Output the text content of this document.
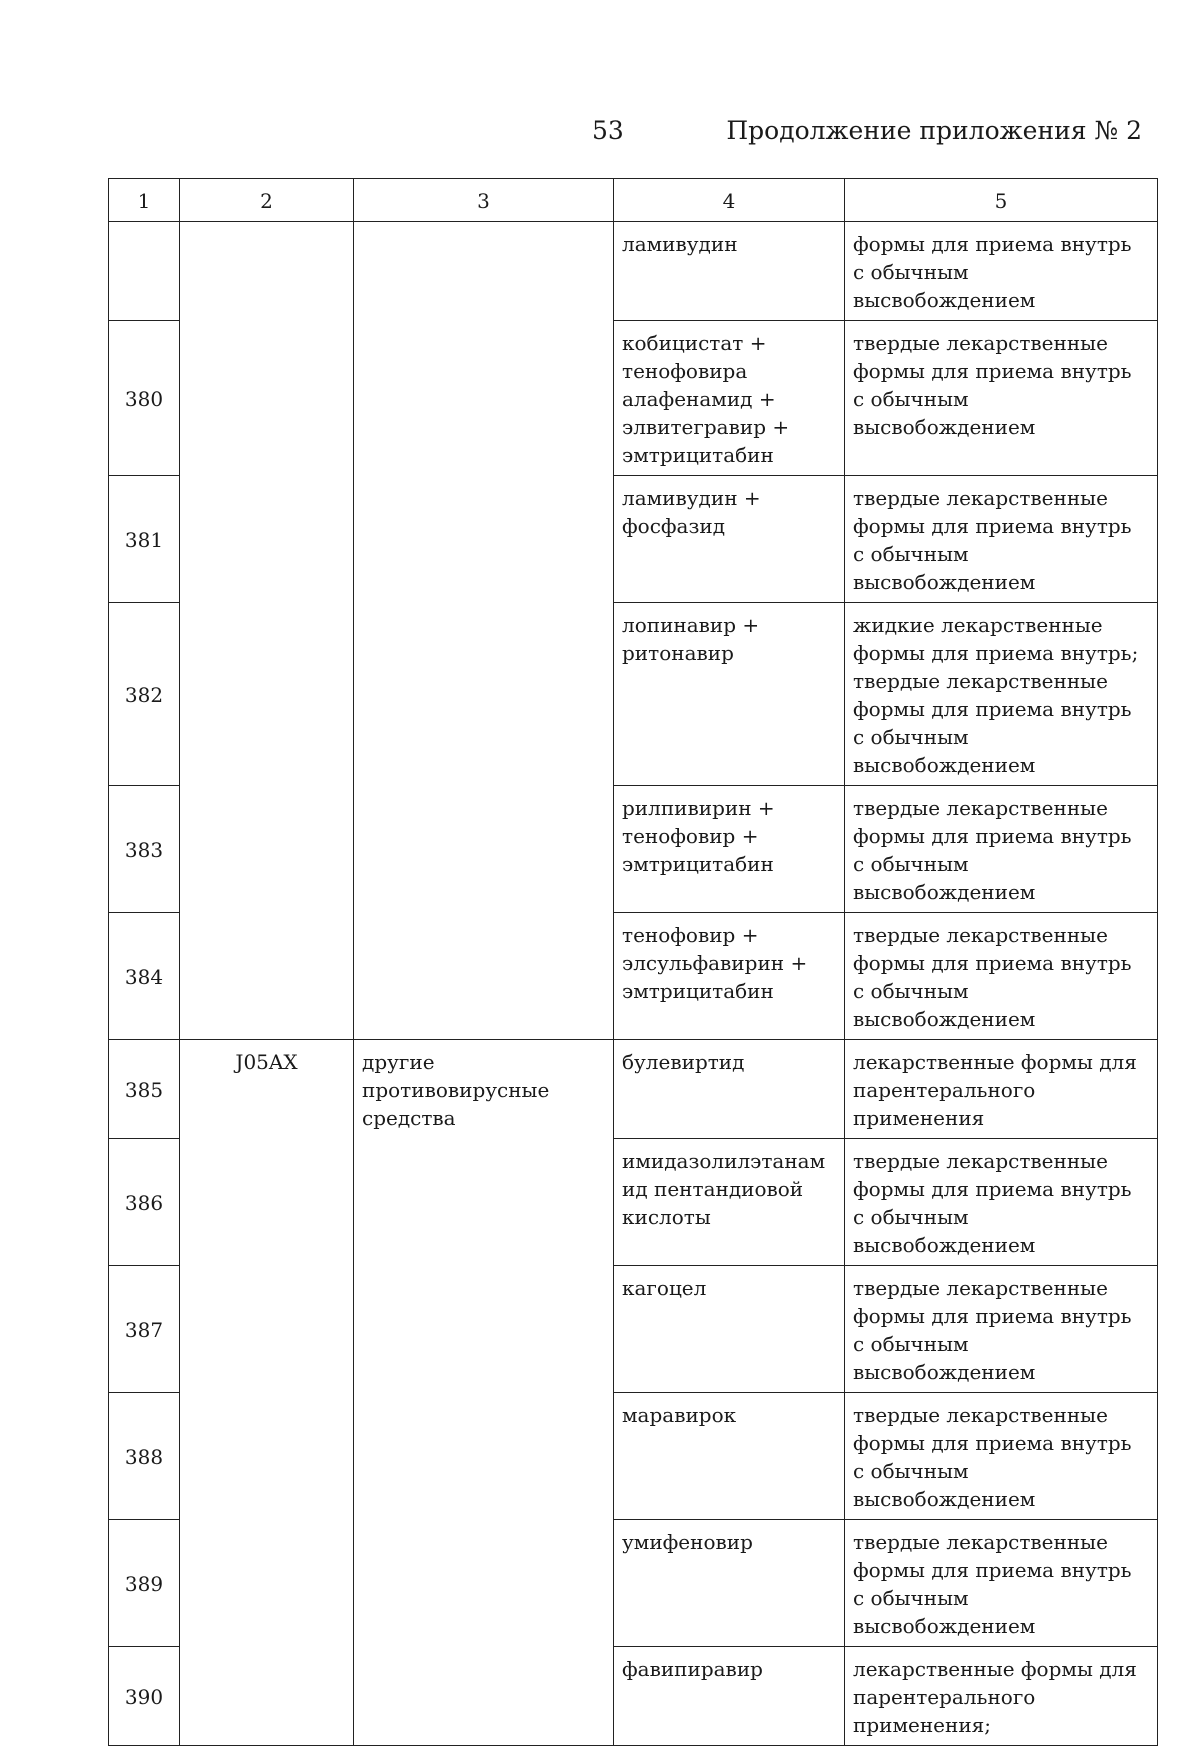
53	Продолжение приложения № 2
1	2	3	4	5
			ламивудин	формы для приема внутрь с обычным высвобождением
380			кобицистат + тенофовира алафенамид + элвитегравир + эмтрицитабин	твердые лекарственные формы для приема внутрь с обычным высвобождением
381			ламивудин + фосфазид	твердые лекарственные формы для приема внутрь с обычным высвобождением
382			лопинавир + ритонавир	жидкие лекарственные формы для приема внутрь; твердые лекарственные формы для приема внутрь с обычным высвобождением
383			рилпивирин + тенофовир + эмтрицитабин	твердые лекарственные формы для приема внутрь с обычным высвобождением
384			тенофовир + элсульфавирин + эмтрицитабин	твердые лекарственные формы для приема внутрь с обычным высвобождением
385	J05AX	другие противовирусные средства	булевиртид	лекарственные формы для парентерального применения
386			имидазолилэтанамид пентандиовой кислоты	твердые лекарственные формы для приема внутрь с обычным высвобождением
387			кагоцел	твердые лекарственные формы для приема внутрь с обычным высвобождением
388			маравирок	твердые лекарственные формы для приема внутрь с обычным высвобождением
389			умифеновир	твердые лекарственные формы для приема внутрь с обычным высвобождением
390			фавипиравир	лекарственные формы для парентерального применения;
